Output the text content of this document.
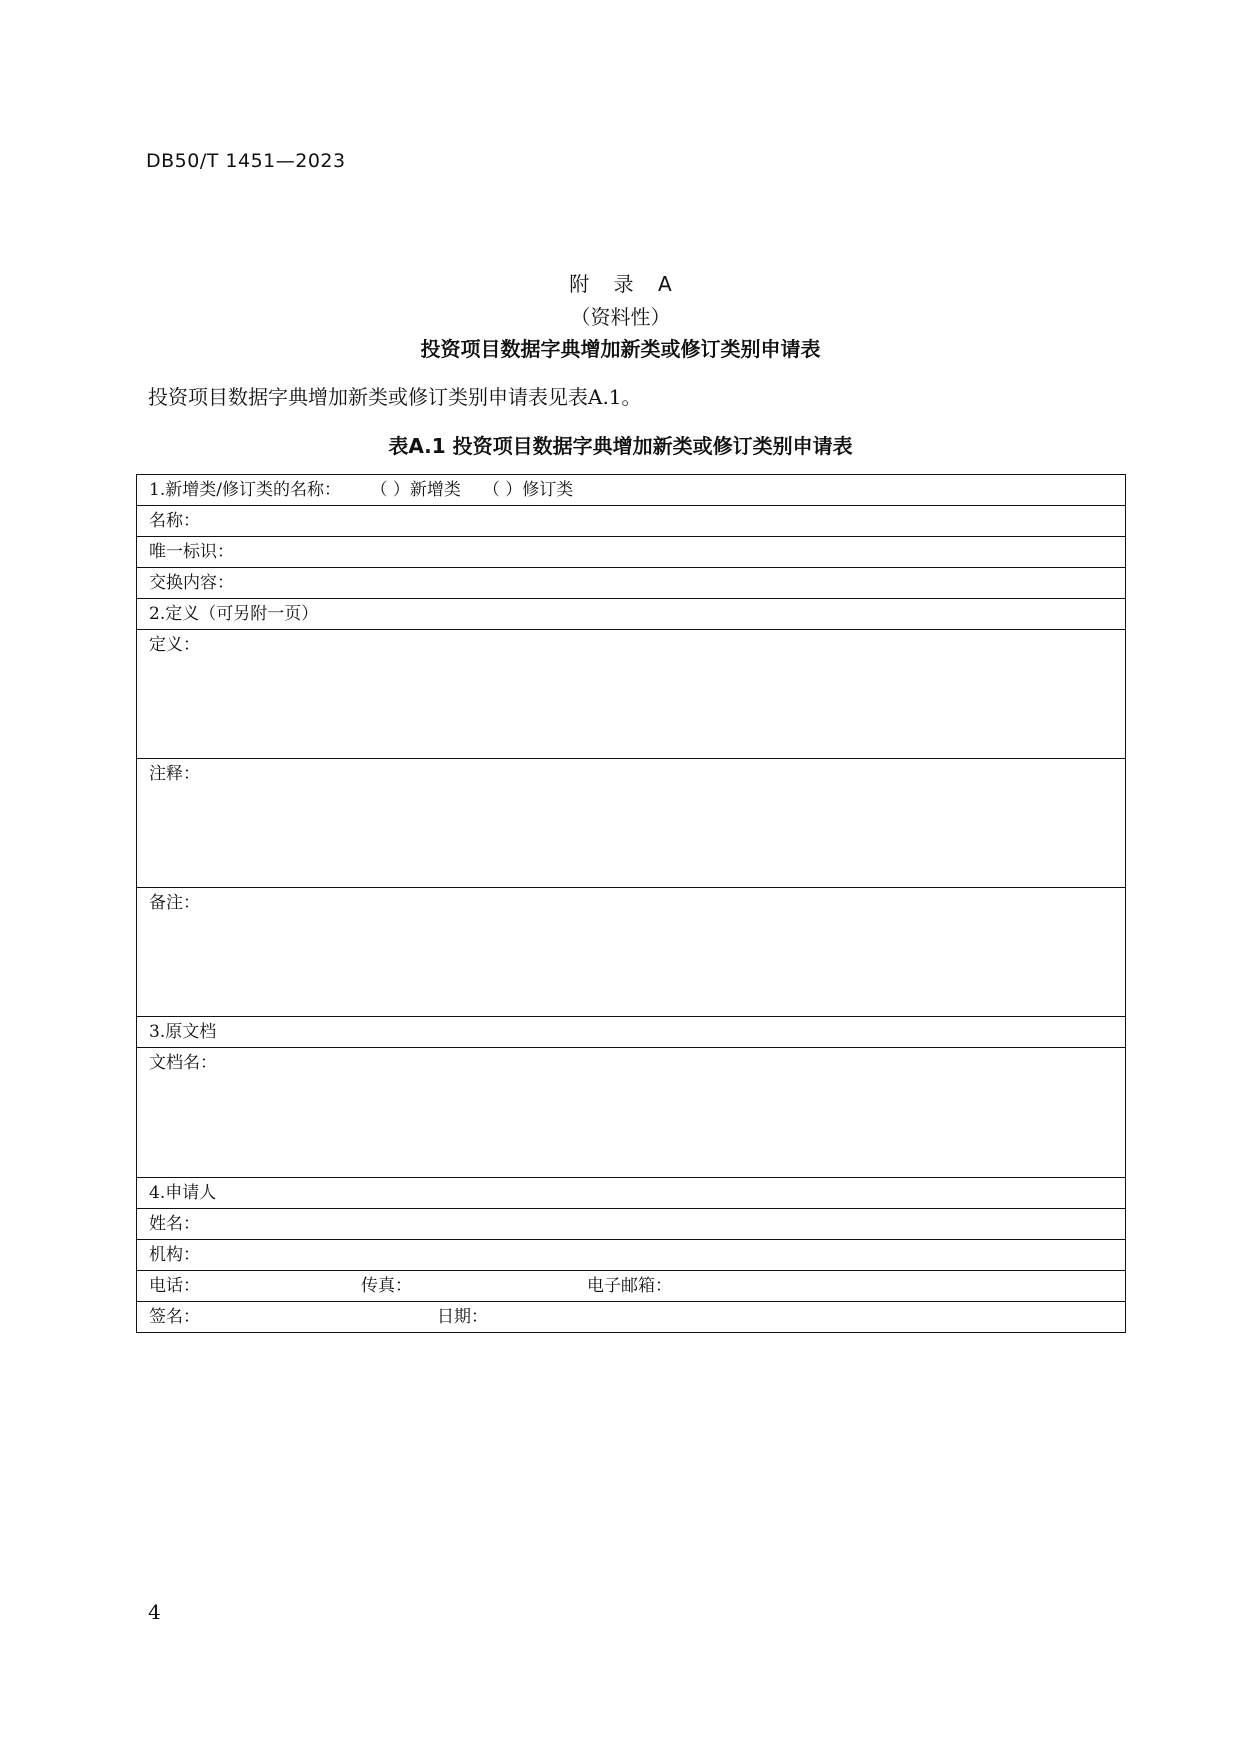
DB50/T 1451—2023
附 录 A
（资料性）
投资项目数据字典增加新类或修订类别申请表
投资项目数据字典增加新类或修订类别申请表见表A.1。
表A.1 投资项目数据字典增加新类或修订类别申请表
1.新增类/修订类的名称： （ ）新增类 （ ）修订类
名称：
唯一标识：
交换内容：
2.定义（可另附一页）
定义：
注释：
备注：
3.原文档
文档名：
4.申请人
姓名：
机构：
电话：	传真：	电子邮箱：

签名：	日期：
4
